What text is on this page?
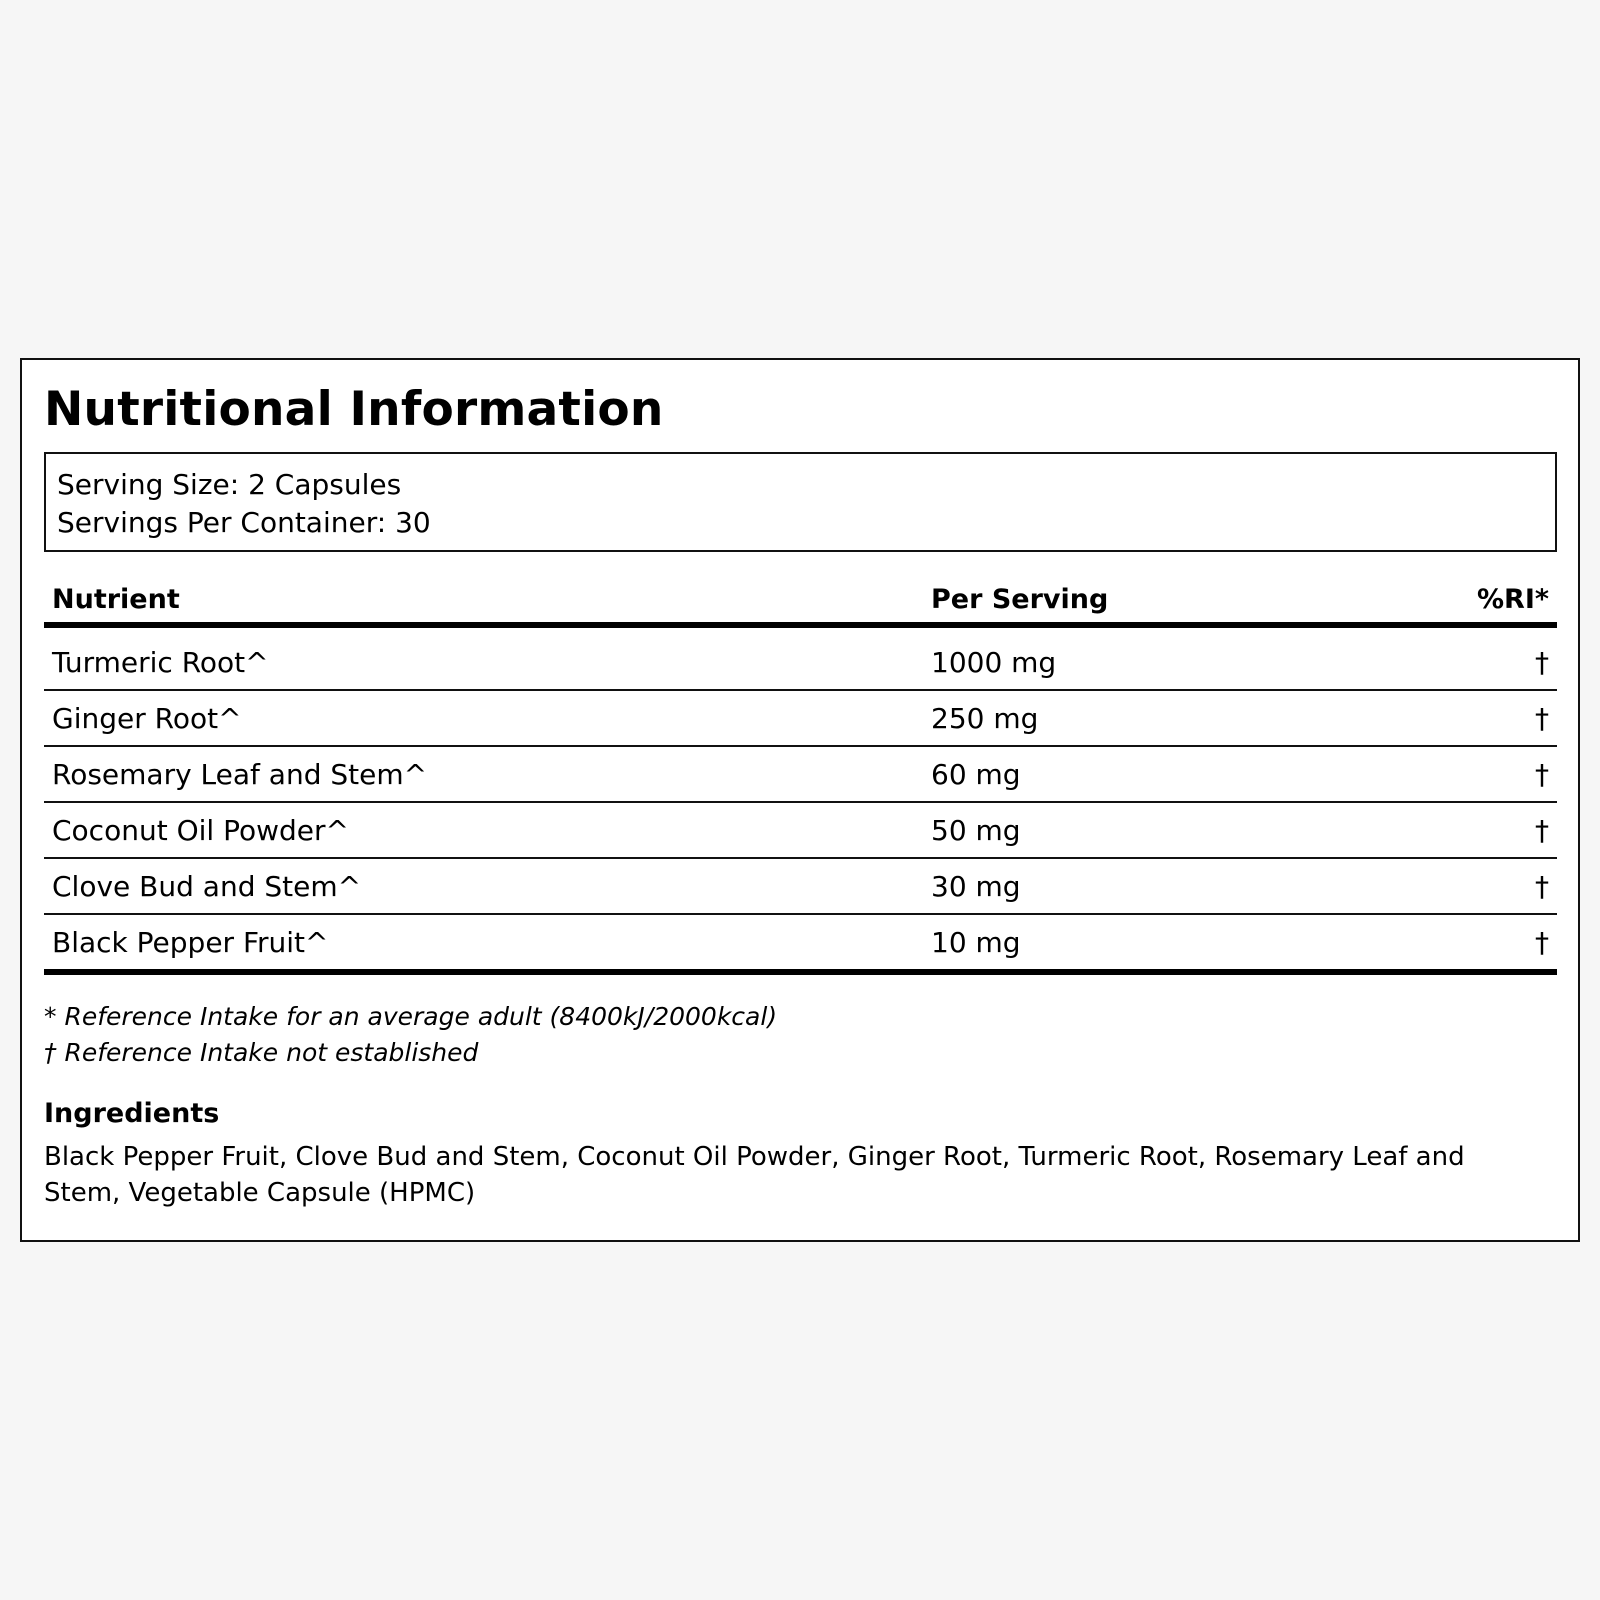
Nutritional Information
Serving Size: 2 Capsules
Servings Per Container: 30
Nutrient	Per Serving	%RI*
Turmeric Root^	1000 mg	†
Ginger Root^	250 mg	†
Rosemary Leaf and Stem^	60 mg	†
Coconut Oil Powder^	50 mg	†
Clove Bud and Stem^	30 mg	†
Black Pepper Fruit^	10 mg	†
* Reference Intake for an average adult (8400kJ/2000kcal)
† Reference Intake not established
Ingredients
Black Pepper Fruit, Clove Bud and Stem, Coconut Oil Powder, Ginger Root, Turmeric Root, Rosemary Leaf and Stem, Vegetable Capsule (HPMC)
